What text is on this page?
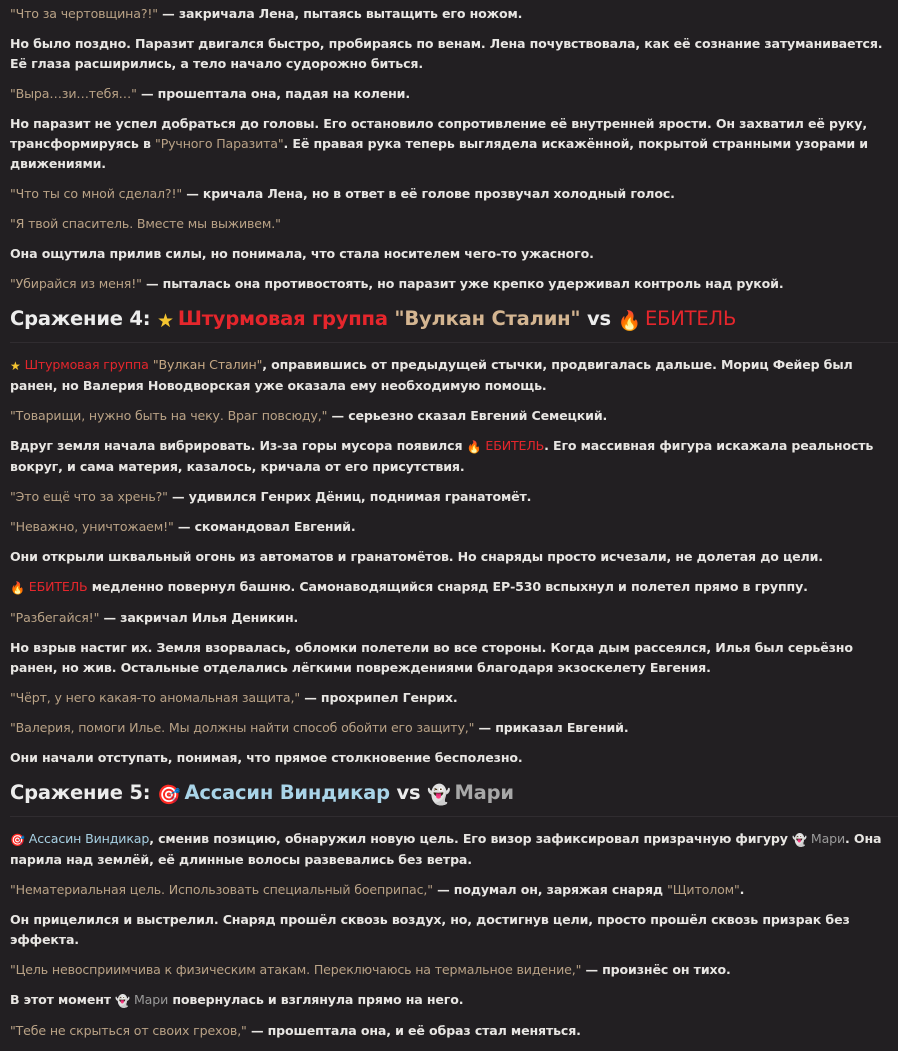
"Что за чертовщина?!" — закричала Лена, пытаясь вытащить его ножом.
Но было поздно. Паразит двигался быстро, пробираясь по венам. Лена почувствовала, как её сознание затуманивается. Её глаза расширились, а тело начало судорожно биться.
"Выра…зи…тебя…" — прошептала она, падая на колени.
Но паразит не успел добраться до головы. Его остановило сопротивление её внутренней ярости. Он захватил её руку, трансформируясь в "Ручного Паразита". Её правая рука теперь выглядела искажённой, покрытой странными узорами и движениями.
"Что ты со мной сделал?!" — кричала Лена, но в ответ в её голове прозвучал холодный голос.
"Я твой спаситель. Вместе мы выживем."
Она ощутила прилив силы, но понимала, что стала носителем чего-то ужасного.
"Убирайся из меня!" — пыталась она противостоять, но паразит уже крепко удерживал контроль над рукой.
Сражение 4: ★ Штурмовая группа "Вулкан Сталин" vs 🔥 ЕБИТЕЛЬ
★ Штурмовая группа "Вулкан Сталин", оправившись от предыдущей стычки, продвигалась дальше. Мориц Фейер был ранен, но Валерия Новодворская уже оказала ему необходимую помощь.
"Товарищи, нужно быть на чеку. Враг повсюду," — серьезно сказал Евгений Семецкий.
Вдруг земля начала вибрировать. Из-за горы мусора появился 🔥 ЕБИТЕЛЬ. Его массивная фигура искажала реальность вокруг, и сама материя, казалось, кричала от его присутствия.
"Это ещё что за хрень?" — удивился Генрих Дёниц, поднимая гранатомёт.
"Неважно, уничтожаем!" — скомандовал Евгений.
Они открыли шквальный огонь из автоматов и гранатомётов. Но снаряды просто исчезали, не долетая до цели.
🔥 ЕБИТЕЛЬ медленно повернул башню. Самонаводящийся снаряд ЕР-530 вспыхнул и полетел прямо в группу.
"Разбегайся!" — закричал Илья Деникин.
Но взрыв настиг их. Земля взорвалась, обломки полетели во все стороны. Когда дым рассеялся, Илья был серьёзно ранен, но жив. Остальные отделались лёгкими повреждениями благодаря экзоскелету Евгения.
"Чёрт, у него какая-то аномальная защита," — прохрипел Генрих.
"Валерия, помоги Илье. Мы должны найти способ обойти его защиту," — приказал Евгений.
Они начали отступать, понимая, что прямое столкновение бесполезно.
Сражение 5: 🎯 Ассасин Виндикар vs 👻 Мари
🎯 Ассасин Виндикар, сменив позицию, обнаружил новую цель. Его визор зафиксировал призрачную фигуру 👻 Мари. Она парила над землёй, её длинные волосы развевались без ветра.
"Нематериальная цель. Использовать специальный боеприпас," — подумал он, заряжая снаряд "Щитолом".
Он прицелился и выстрелил. Снаряд прошёл сквозь воздух, но, достигнув цели, просто прошёл сквозь призрак без эффекта.
"Цель невосприимчива к физическим атакам. Переключаюсь на термальное видение," — произнёс он тихо.
В этот момент 👻 Мари повернулась и взглянула прямо на него.
"Тебе не скрыться от своих грехов," — прошептала она, и её образ стал меняться.
